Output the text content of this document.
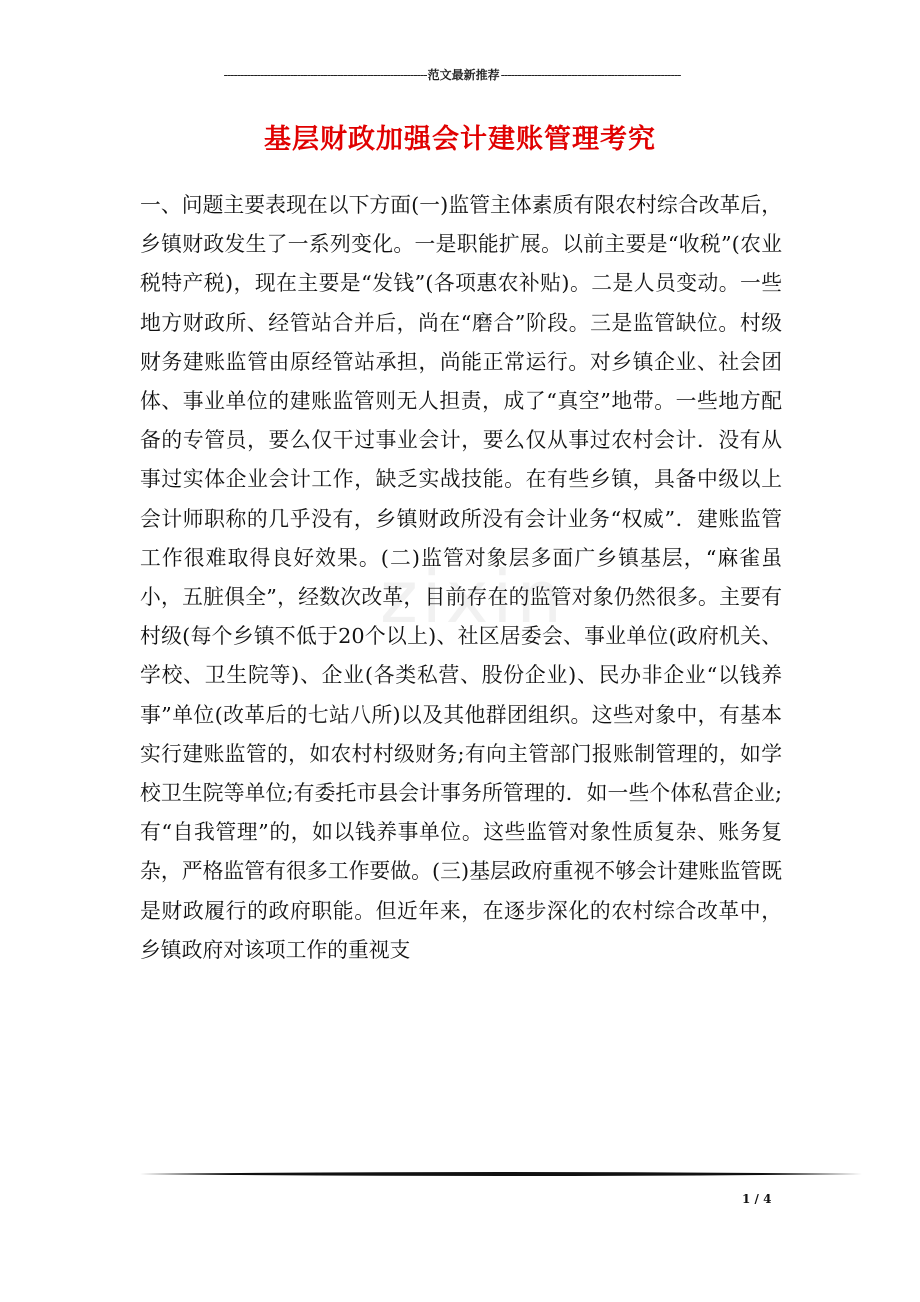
-------------------------------------------------------------范文最新推荐------------------------------------------------------
基层财政加强会计建账管理考究
zixin

一、问题主要表现在以下方面(一)监管主体素质有限农村综合改革后，乡镇财政发生了一系列变化。一是职能扩展。以前主要是“收税”(农业税特产税)，现在主要是“发钱”(各项惠农补贴)。二是人员变动。一些地方财政所、经管站合并后，尚在“磨合”阶段。三是监管缺位。村级财务建账监管由原经管站承担，尚能正常运行。对乡镇企业、社会团体、事业单位的建账监管则无人担责，成了“真空”地带。一些地方配备的专管员，要么仅干过事业会计，要么仅从事过农村会计．没有从事过实体企业会计工作，缺乏实战技能。在有些乡镇，具备中级以上会计师职称的几乎没有，乡镇财政所没有会计业务“权威”．建账监管工作很难取得良好效果。(二)监管对象层多面广乡镇基层，“麻雀虽小，五脏俱全”，经数次改革，目前存在的监管对象仍然很多。主要有村级(每个乡镇不低于20个以上)、社区居委会、事业单位(政府机关、学校、卫生院等)、企业(各类私营、股份企业)、民办非企业“以钱养事”单位(改革后的七站八所)以及其他群团组织。这些对象中，有基本实行建账监管的，如农村村级财务;有向主管部门报账制管理的，如学校卫生院等单位;有委托市县会计事务所管理的．如一些个体私营企业;有“自我管理”的，如以钱养事单位。这些监管对象性质复杂、账务复杂，严格监管有很多工作要做。(三)基层政府重视不够会计建账监管既是财政履行的政府职能。但近年来，在逐步深化的农村综合改革中，乡镇政府对该项工作的重视支

1 / 4
